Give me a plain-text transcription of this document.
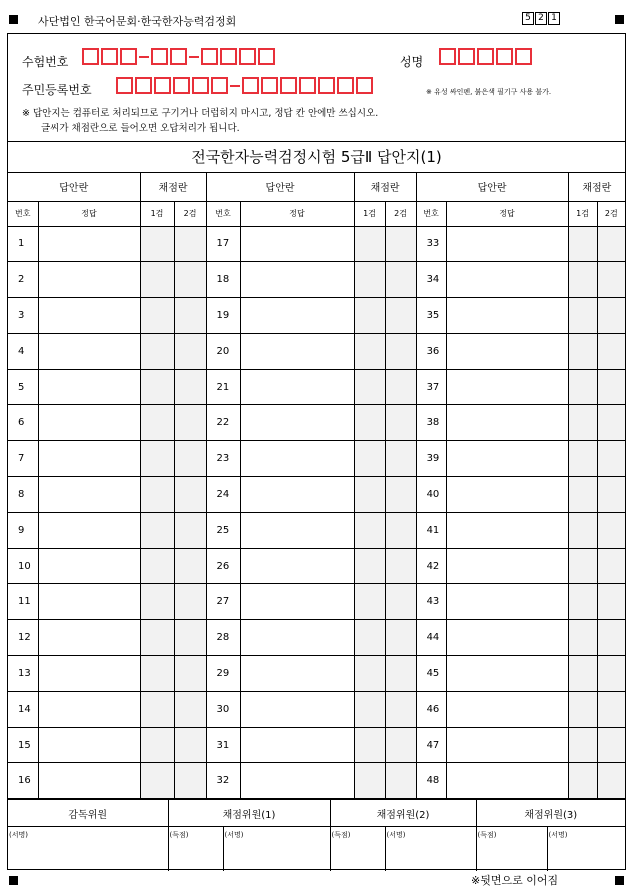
사단법인 한국어문회·한국한자능력검정회	5 2 1
수험번호	성명
주민등록번호	※ 유성 싸인펜, 붉은색 필기구 사용 불가.
※ 답안지는 컴퓨터로 처리되므로 구기거나 더럽히지 마시고, 정답 칸 안에만 쓰십시오.
글씨가 채점란으로 들어오면 오답처리가 됩니다.
전국한자능력검정시험 5급Ⅱ 답안지(1)
답안란		채점란		답안란		채점란		답안란		채점란	
번호	정답	1검	2검	번호	정답	1검	2검	번호	정답	1검	2검
1				17				33			
2				18				34			
3				19				35			
4				20				36			
5				21				37			
6				22				38			
7				23				39			
8				24				40			
9				25				41			
10				26				42			
11				27				43			
12				28				44			
13				29				45			
14				30				46			
15				31				47			
16				32				48			
감독위원	채점위원(1)		채점위원(2)		채점위원(3)	
(서명)	(득점)	(서명)	(득점)	(서명)	(득점)	(서명)
※뒷면으로 이어짐
